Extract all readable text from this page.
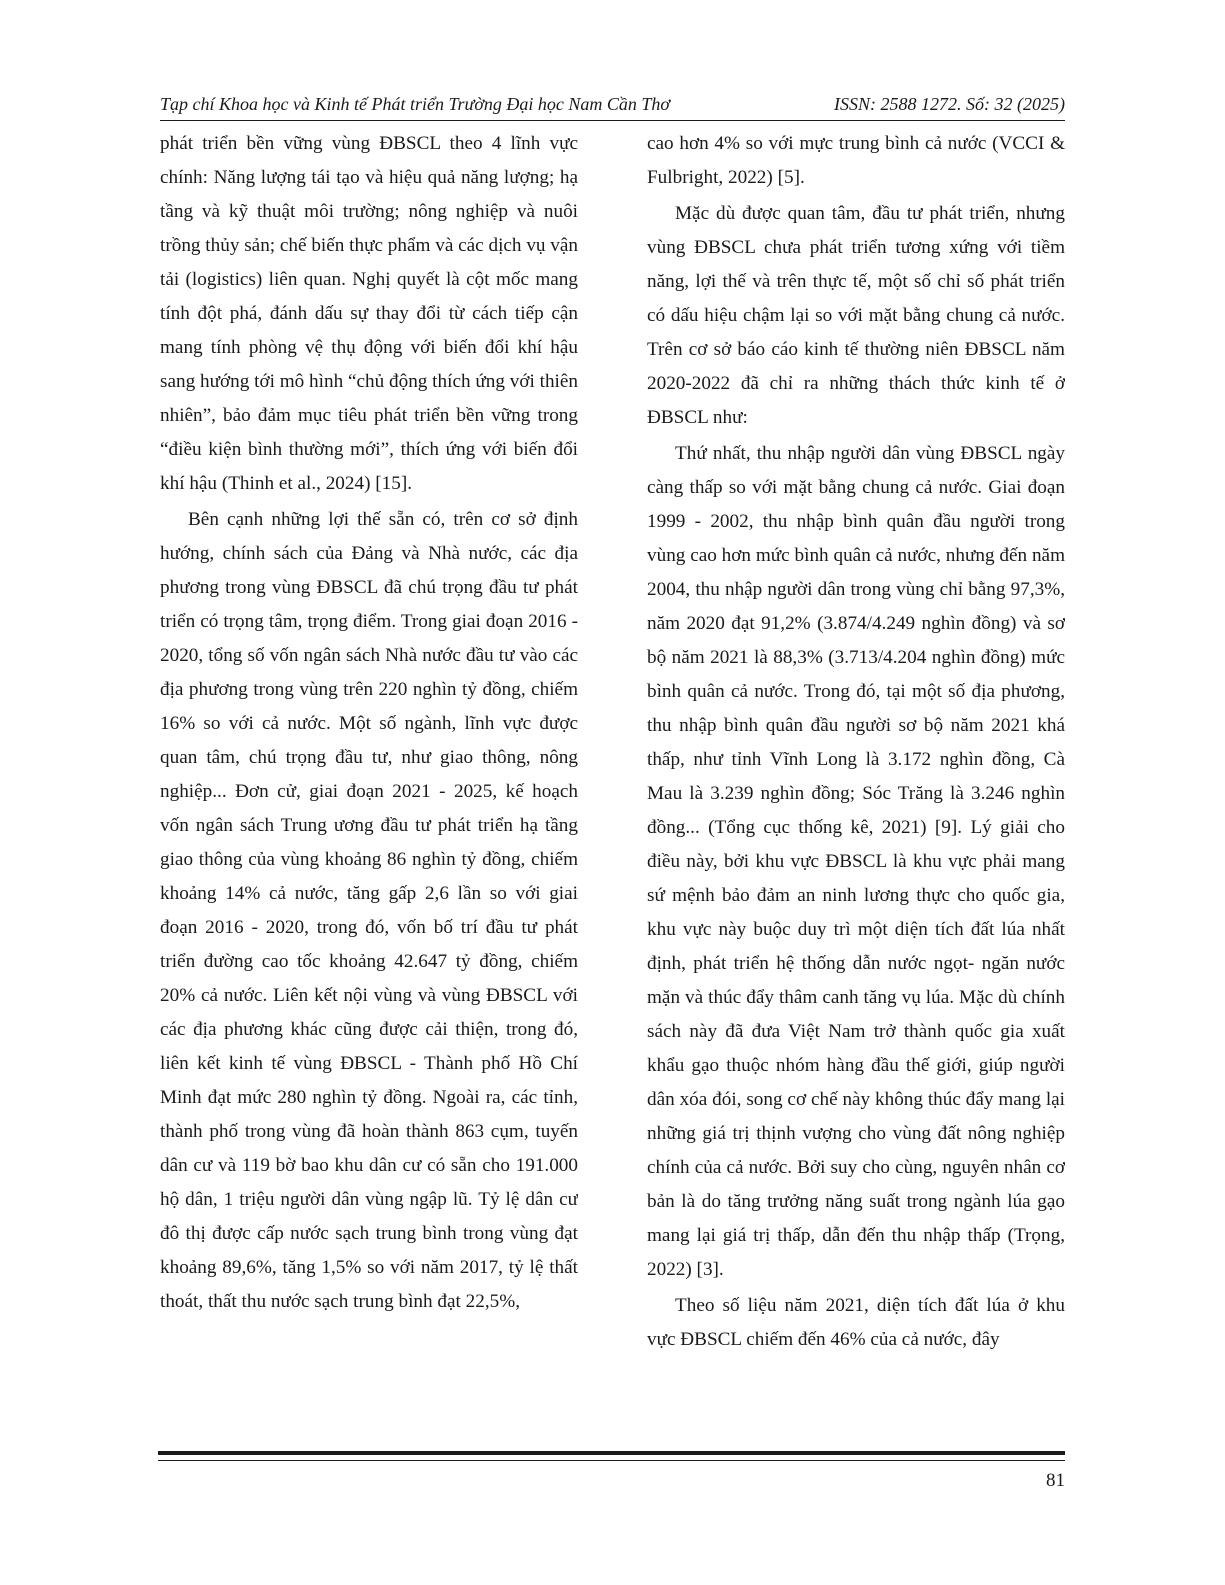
Tạp chí Khoa học và Kinh tế Phát triển Trường Đại học Nam Cần Thơ	ISSN: 2588 1272. Số: 32 (2025)

phát triển bền vững vùng ĐBSCL theo 4 lĩnh vực chính: Năng lượng tái tạo và hiệu quả năng lượng; hạ tầng và kỹ thuật môi trường; nông nghiệp và nuôi trồng thủy sản; chế biến thực phẩm và các dịch vụ vận tải (logistics) liên quan. Nghị quyết là cột mốc mang tính đột phá, đánh dấu sự thay đổi từ cách tiếp cận mang tính phòng vệ thụ động với biến đổi khí hậu sang hướng tới mô hình “chủ động thích ứng với thiên nhiên”, bảo đảm mục tiêu phát triển bền vững trong “điều kiện bình thường mới”, thích ứng với biến đổi khí hậu (Thinh et al., 2024) [15].

Bên cạnh những lợi thế sẵn có, trên cơ sở định hướng, chính sách của Đảng và Nhà nước, các địa phương trong vùng ĐBSCL đã chú trọng đầu tư phát triển có trọng tâm, trọng điểm. Trong giai đoạn 2016 - 2020, tổng số vốn ngân sách Nhà nước đầu tư vào các địa phương trong vùng trên 220 nghìn tỷ đồng, chiếm 16% so với cả nước. Một số ngành, lĩnh vực được quan tâm, chú trọng đầu tư, như giao thông, nông nghiệp... Đơn cử, giai đoạn 2021 - 2025, kế hoạch vốn ngân sách Trung ương đầu tư phát triển hạ tầng giao thông của vùng khoảng 86 nghìn tỷ đồng, chiếm khoảng 14% cả nước, tăng gấp 2,6 lần so với giai đoạn 2016 - 2020, trong đó, vốn bố trí đầu tư phát triển đường cao tốc khoảng 42.647 tỷ đồng, chiếm 20% cả nước. Liên kết nội vùng và vùng ĐBSCL với các địa phương khác cũng được cải thiện, trong đó, liên kết kinh tế vùng ĐBSCL - Thành phố Hồ Chí Minh đạt mức 280 nghìn tỷ đồng. Ngoài ra, các tỉnh, thành phố trong vùng đã hoàn thành 863 cụm, tuyến dân cư và 119 bờ bao khu dân cư có sẵn cho 191.000 hộ dân, 1 triệu người dân vùng ngập lũ. Tỷ lệ dân cư đô thị được cấp nước sạch trung bình trong vùng đạt khoảng 89,6%, tăng 1,5% so với năm 2017, tỷ lệ thất thoát, thất thu nước sạch trung bình đạt 22,5%,

cao hơn 4% so với mực trung bình cả nước (VCCI & Fulbright, 2022) [5].

Mặc dù được quan tâm, đầu tư phát triển, nhưng vùng ĐBSCL chưa phát triển tương xứng với tiềm năng, lợi thế và trên thực tế, một số chỉ số phát triển có dấu hiệu chậm lại so với mặt bằng chung cả nước. Trên cơ sở báo cáo kinh tế thường niên ĐBSCL năm 2020-2022 đã chỉ ra những thách thức kinh tế ở ĐBSCL như:

Thứ nhất, thu nhập người dân vùng ĐBSCL ngày càng thấp so với mặt bằng chung cả nước. Giai đoạn 1999 - 2002, thu nhập bình quân đầu người trong vùng cao hơn mức bình quân cả nước, nhưng đến năm 2004, thu nhập người dân trong vùng chỉ bằng 97,3%, năm 2020 đạt 91,2% (3.874/4.249 nghìn đồng) và sơ bộ năm 2021 là 88,3% (3.713/4.204 nghìn đồng) mức bình quân cả nước. Trong đó, tại một số địa phương, thu nhập bình quân đầu người sơ bộ năm 2021 khá thấp, như tỉnh Vĩnh Long là 3.172 nghìn đồng, Cà Mau là 3.239 nghìn đồng; Sóc Trăng là 3.246 nghìn đồng... (Tổng cục thống kê, 2021) [9]. Lý giải cho điều này, bởi khu vực ĐBSCL là khu vực phải mang sứ mệnh bảo đảm an ninh lương thực cho quốc gia, khu vực này buộc duy trì một diện tích đất lúa nhất định, phát triển hệ thống dẫn nước ngọt- ngăn nước mặn và thúc đẩy thâm canh tăng vụ lúa. Mặc dù chính sách này đã đưa Việt Nam trở thành quốc gia xuất khẩu gạo thuộc nhóm hàng đầu thế giới, giúp người dân xóa đói, song cơ chế này không thúc đẩy mang lại những giá trị thịnh vượng cho vùng đất nông nghiệp chính của cả nước. Bởi suy cho cùng, nguyên nhân cơ bản là do tăng trưởng năng suất trong ngành lúa gạo mang lại giá trị thấp, dẫn đến thu nhập thấp (Trọng, 2022) [3].

Theo số liệu năm 2021, diện tích đất lúa ở khu vực ĐBSCL chiếm đến 46% của cả nước, đây

81
